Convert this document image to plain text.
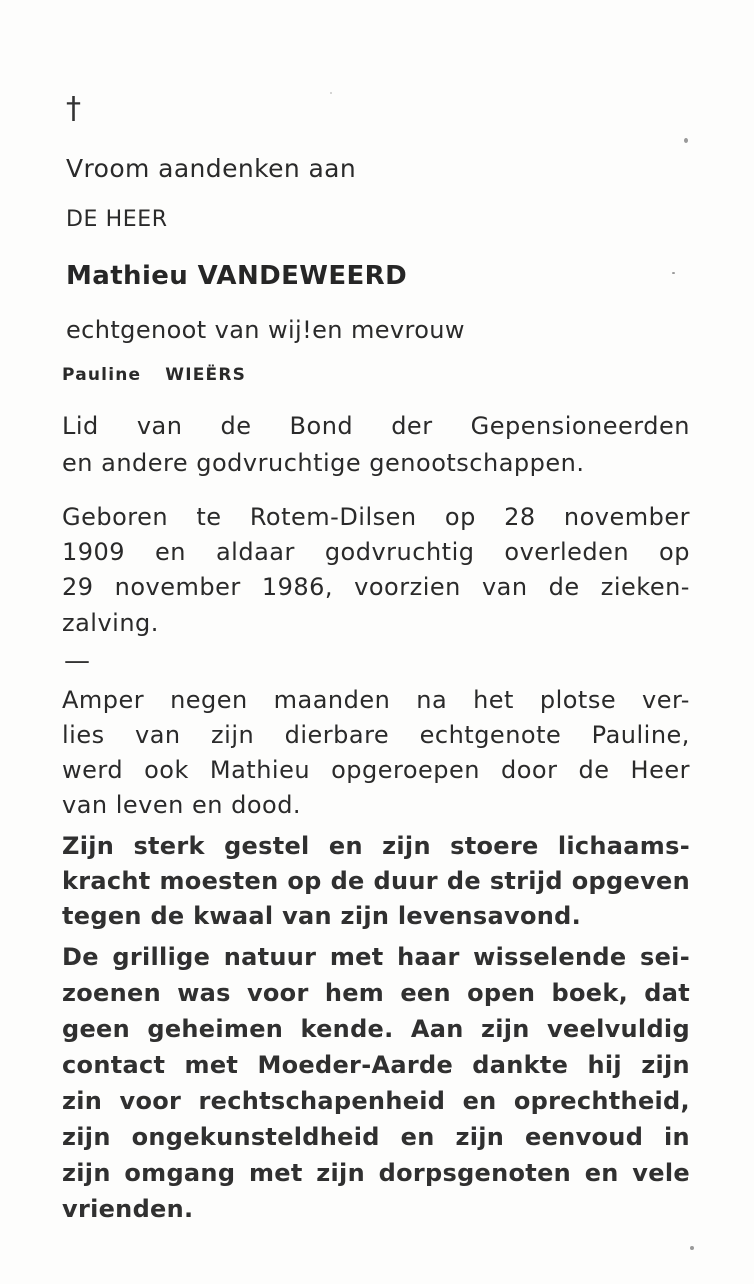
†

Vroom aandenken aan

DE HEER

Mathieu VANDEWEERD

echtgenoot van wij!en mevrouw

Pauline WIEËRS

Lid van de Bond der Gepensioneerden

en andere godvruchtige genootschappen.

Geboren te Rotem-Dilsen op 28 november

1909 en aldaar godvruchtig overleden op

29 november 1986, voorzien van de zieken-

zalving.

—

Amper negen maanden na het plotse ver-

lies van zijn dierbare echtgenote Pauline,

werd ook Mathieu opgeroepen door de Heer

van leven en dood.

Zijn sterk gestel en zijn stoere lichaams-

kracht moesten op de duur de strijd opgeven

tegen de kwaal van zijn levensavond.

De grillige natuur met haar wisselende sei-

zoenen was voor hem een open boek, dat

geen geheimen kende. Aan zijn veelvuldig

contact met Moeder-Aarde dankte hij zijn

zin voor rechtschapenheid en oprechtheid,

zijn ongekunsteldheid en zijn eenvoud in

zijn omgang met zijn dorpsgenoten en vele

vrienden.
